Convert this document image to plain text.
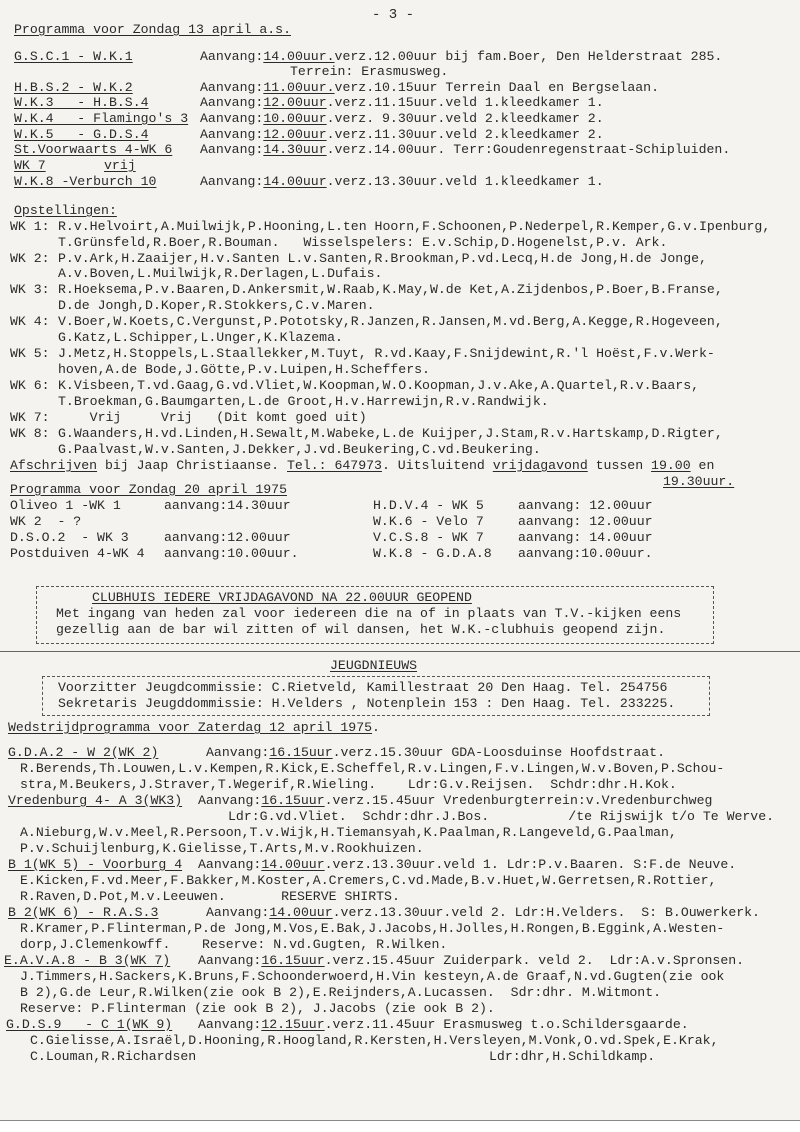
- 3 -
Programma voor Zondag 13 april a.s.
G.S.C.1 - W.K.1	Aanvang:14.00uur.verz.12.00uur bij fam.Boer, Den Helderstraat 285.
Terrein: Erasmusweg.
H.B.S.2 - W.K.2	Aanvang:11.00uur.verz.10.15uur Terrein Daal en Bergselaan.
W.K.3   - H.B.S.4	Aanvang:12.00uur.verz.11.15uur.veld 1.kleedkamer 1.
W.K.4   - Flamingo's 3 Aanvang:10.00uur.verz. 9.30uur.veld 2.kleedkamer 2.
W.K.5   - G.D.S.4	Aanvang:12.00uur.verz.11.30uur.veld 2.kleedkamer 2.
St.Voorwaarts 4-WK 6 Aanvang:14.30uur.verz.14.00uur. Terr:Goudenregenstraat-Schipluiden.
WK 7	vrij
W.K.8 -Verburch 10	Aanvang:14.00uur.verz.13.30uur.veld 1.kleedkamer 1.
Opstellingen:
WK 1: R.v.Helvoirt,A.Muilwijk,P.Hooning,L.ten Hoorn,F.Schoonen,P.Nederpel,R.Kemper,G.v.Ipenburg,
T.Grünsfeld,R.Boer,R.Bouman.   Wisselspelers: E.v.Schip,D.Hogenelst,P.v. Ark.
WK 2: P.v.Ark,H.Zaaijer,H.v.Santen L.v.Santen,R.Brookman,P.vd.Lecq,H.de Jong,H.de Jonge,
A.v.Boven,L.Muilwijk,R.Derlagen,L.Dufais.
WK 3: R.Hoeksema,P.v.Baaren,D.Ankersmit,W.Raab,K.May,W.de Ket,A.Zijdenbos,P.Boer,B.Franse,
D.de Jongh,D.Koper,R.Stokkers,C.v.Maren.
WK 4: V.Boer,W.Koets,C.Vergunst,P.Pototsky,R.Janzen,R.Jansen,M.vd.Berg,A.Kegge,R.Hogeveen,
G.Katz,L.Schipper,L.Unger,K.Klazema.
WK 5: J.Metz,H.Stoppels,L.Staallekker,M.Tuyt, R.vd.Kaay,F.Snijdewint,R.'l Hoëst,F.v.Werk-
hoven,A.de Bode,J.Götte,P.v.Luipen,H.Scheffers.
WK 6: K.Visbeen,T.vd.Gaag,G.vd.Vliet,W.Koopman,W.O.Koopman,J.v.Ake,A.Quartel,R.v.Baars,
T.Broekman,G.Baumgarten,L.de Groot,H.v.Harrewijn,R.v.Randwijk.
WK 7: Vrij     Vrij   (Dit komt goed uit)
WK 8: G.Waanders,H.vd.Linden,H.Sewalt,M.Wabeke,L.de Kuijper,J.Stam,R.v.Hartskamp,D.Rigter,
G.Paalvast,W.v.Santen,J.Dekker,J.vd.Beukering,C.vd.Beukering.
Afschrijven bij Jaap Christiaanse. Tel.: 647973. Uitsluitend vrijdagavond tussen 19.00 en
19.30uur.
Programma voor Zondag 20 april 1975
Oliveo 1 -WK 1	aanvang:14.30uur
WK 2  - ?
D.S.O.2  - WK 3	aanvang:12.00uur
Postduiven 4-WK 4 aanvang:10.00uur.
H.D.V.4 - WK 5	aanvang: 12.00uur
W.K.6 - Velo 7	aanvang: 12.00uur
V.C.S.8 - WK 7	aanvang: 14.00uur
W.K.8 - G.D.A.8 aanvang:10.00uur.
CLUBHUIS IEDERE VRIJDAGAVOND NA 22.00UUR GEOPEND
Met ingang van heden zal voor iedereen die na of in plaats van T.V.-kijken eens
gezellig aan de bar wil zitten of wil dansen, het W.K.-clubhuis geopend zijn.
JEUGDNIEUWS
Voorzitter Jeugdcommissie: C.Rietveld, Kamillestraat 20 Den Haag. Tel. 254756
Sekretaris Jeugddommissie: H.Velders , Notenplein 153 : Den Haag. Tel. 233225.
Wedstrijdprogramma voor Zaterdag 12 april 1975.
G.D.A.2 - W 2(WK 2)	Aanvang:16.15uur.verz.15.30uur GDA-Loosduinse Hoofdstraat.
R.Berends,Th.Louwen,L.v.Kempen,R.Kick,E.Scheffel,R.v.Lingen,F.v.Lingen,W.v.Boven,P.Schou-
stra,M.Beukers,J.Straver,T.Wegerif,R.Wieling.    Ldr:G.v.Reijsen.  Schdr:dhr.H.Kok.
Vredenburg 4- A 3(WK3) Aanvang:16.15uur.verz.15.45uur Vredenburgterrein:v.Vredenburchweg
Ldr:G.vd.Vliet.  Schdr:dhr.J.Bos.          /te Rijswijk t/o Te Werve.
A.Nieburg,W.v.Meel,R.Persoon,T.v.Wijk,H.Tiemansyah,K.Paalman,R.Langeveld,G.Paalman,
P.v.Schuijlenburg,K.Gielisse,T.Arts,M.v.Rookhuizen.
B 1(WK 5) - Voorburg 4 Aanvang:14.00uur.verz.13.30uur.veld 1. Ldr:P.v.Baaren. S:F.de Neuve.
E.Kicken,F.vd.Meer,F.Bakker,M.Koster,A.Cremers,C.vd.Made,B.v.Huet,W.Gerretsen,R.Rottier,
R.Raven,D.Pot,M.v.Leeuwen.       RESERVE SHIRTS.
B 2(WK 6) - R.A.S.3	Aanvang:14.00uur.verz.13.30uur.veld 2. Ldr:H.Velders.  S: B.Ouwerkerk.
R.Kramer,P.Flinterman,P.de Jong,M.Vos,E.Bak,J.Jacobs,H.Jolles,H.Rongen,B.Eggink,A.Westen-
dorp,J.Clemenkowff.    Reserve: N.vd.Gugten, R.Wilken.
E.A.V.A.8 - B 3(WK 7) Aanvang:16.15uur.verz.15.45uur Zuiderpark. veld 2.  Ldr:A.v.Spronsen.
J.Timmers,H.Sackers,K.Bruns,F.Schoonderwoerd,H.Vin kesteyn,A.de Graaf,N.vd.Gugten(zie ook
B 2),G.de Leur,R.Wilken(zie ook B 2),E.Reijnders,A.Lucassen.  Sdr:dhr. M.Witmont.
Reserve: P.Flinterman (zie ook B 2), J.Jacobs (zie ook B 2).
G.D.S.9   - C 1(WK 9) Aanvang:12.15uur.verz.11.45uur Erasmusweg t.o.Schildersgaarde.
C.Gielisse,A.Israël,D.Hooning,R.Hoogland,R.Kersten,H.Versleyen,M.Vonk,O.vd.Spek,E.Krak,
C.Louman,R.Richardsen                                     Ldr:dhr,H.Schildkamp.
